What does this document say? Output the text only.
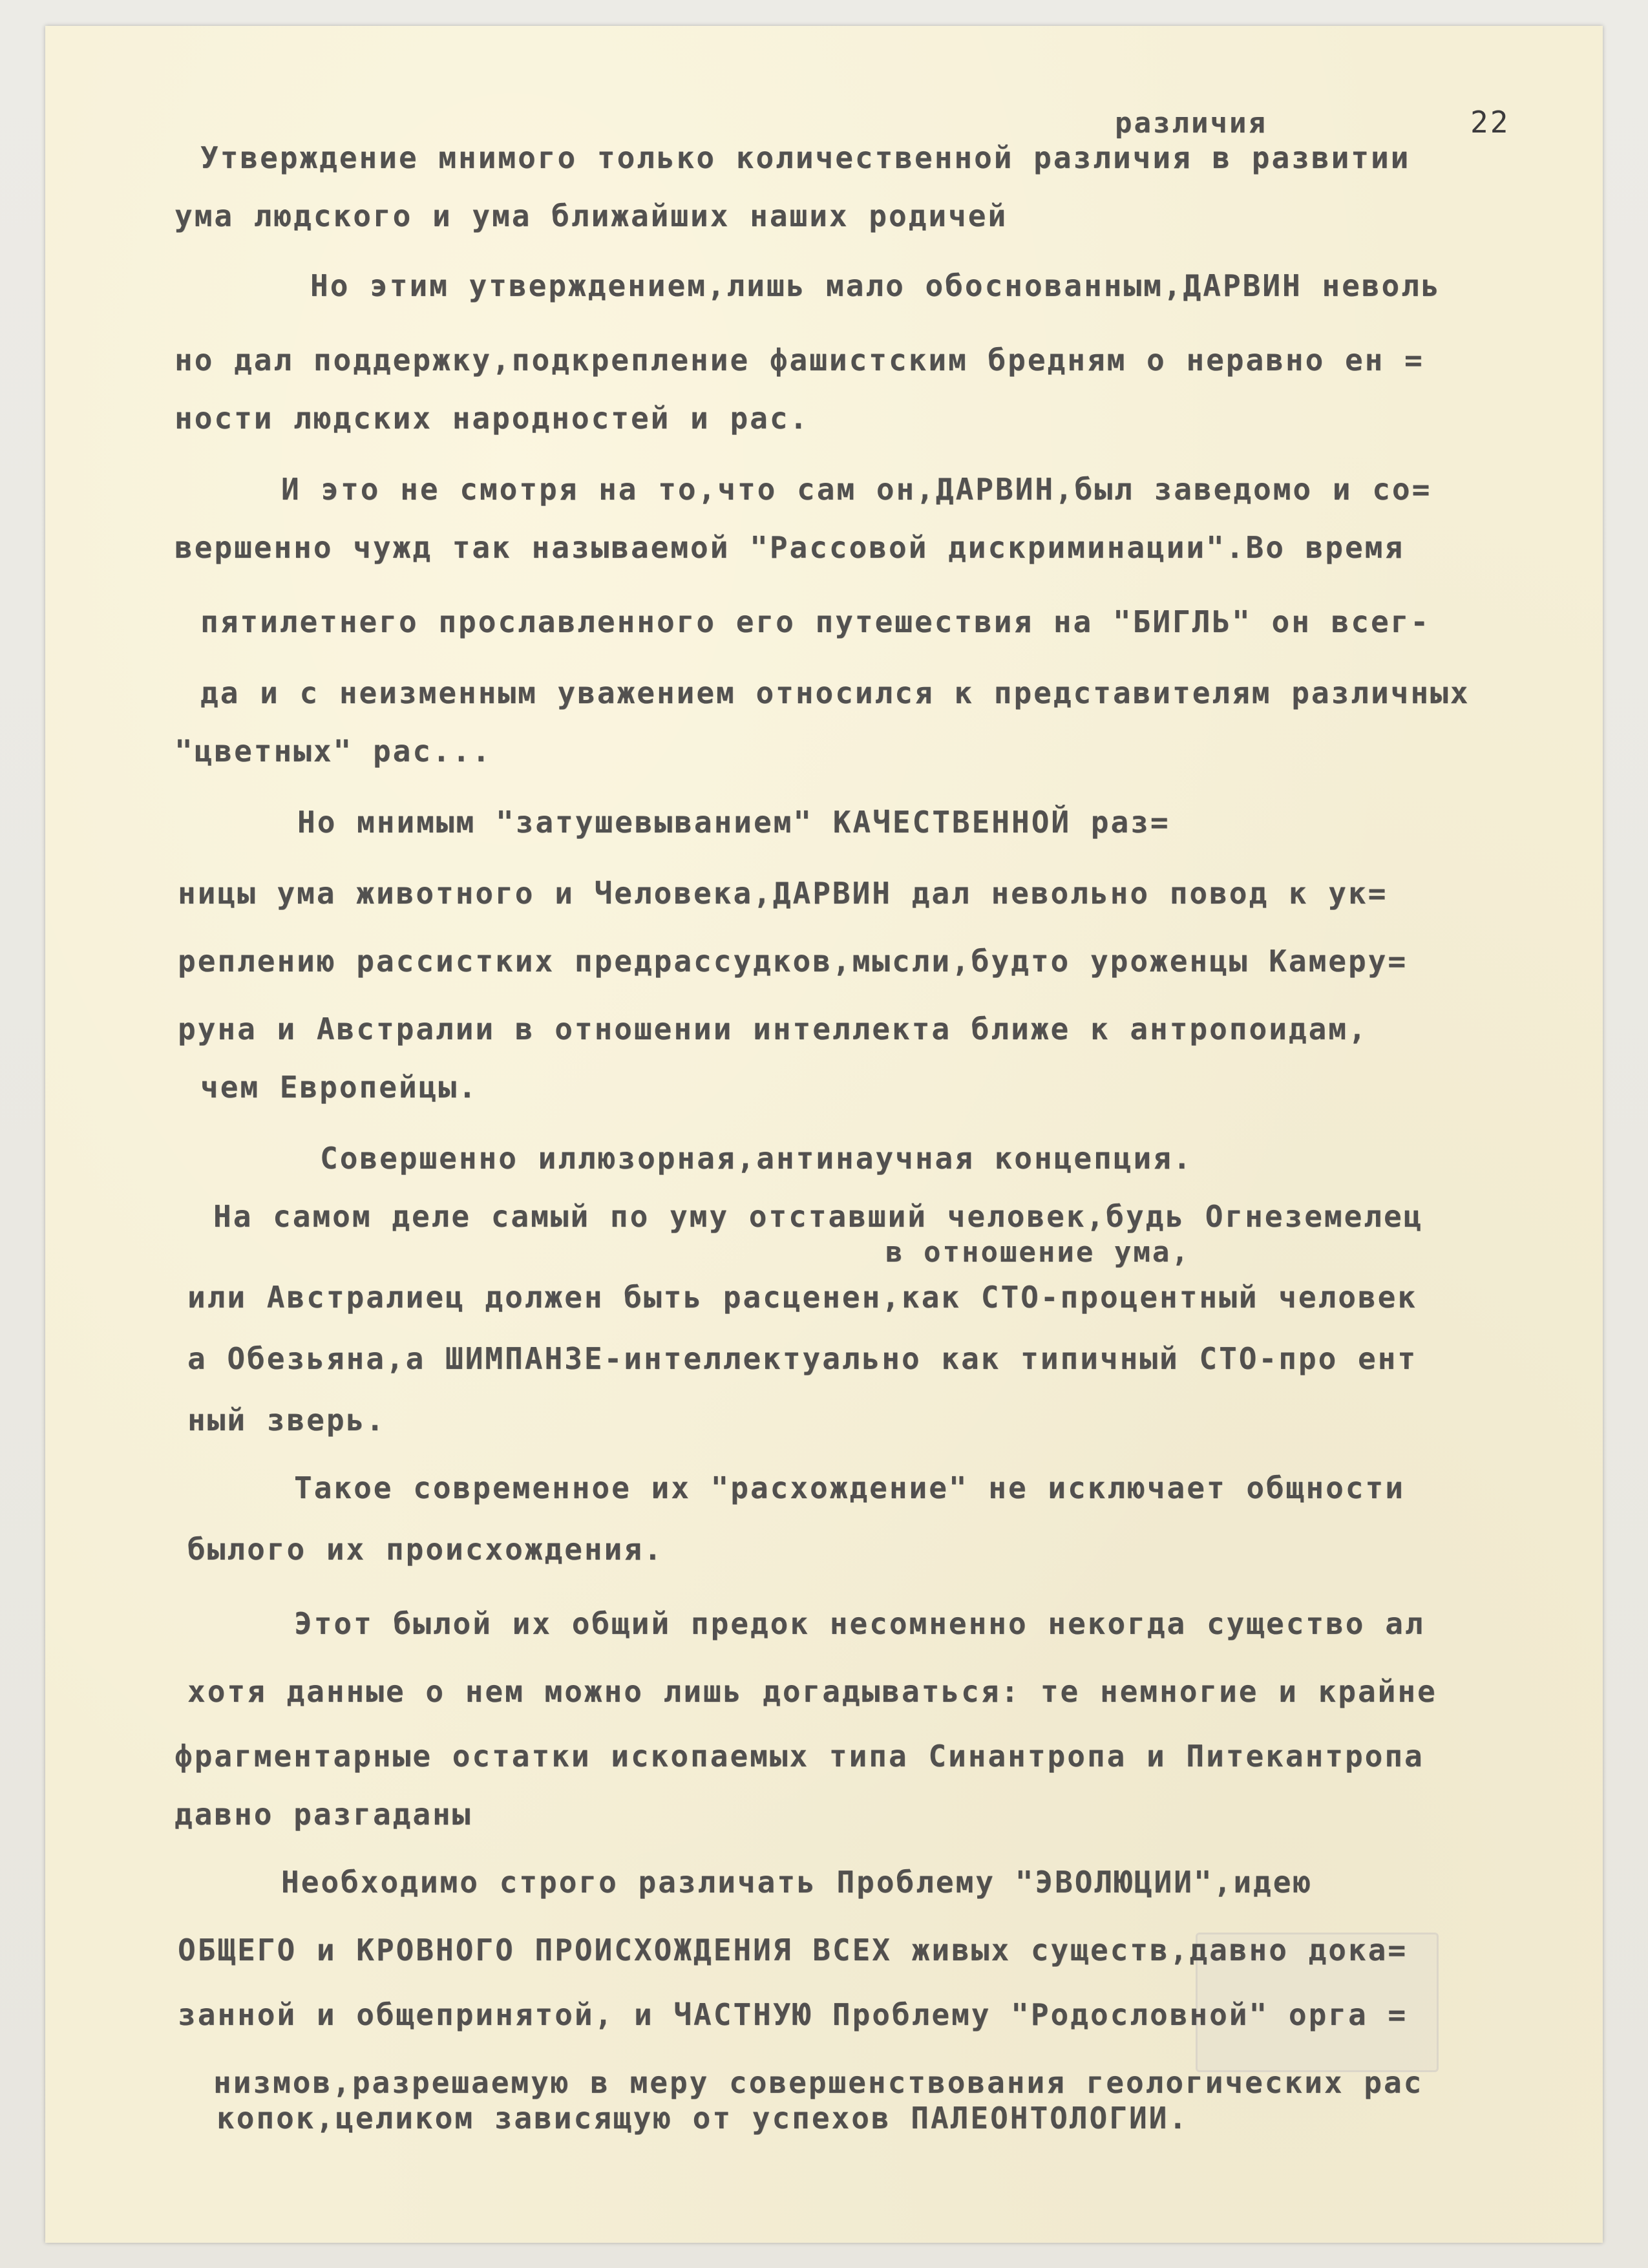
22
различия
Утверждение мнимого только количественной различия в развитии
ума людского и ума ближайших наших родичей
Но этим утверждением,лишь мало обоснованным,ДАРВИН неволь
но дал поддержку,подкрепление фашистским бредням о неравно ен =
ности людских народностей и рас.
И это не смотря на то,что сам он,ДАРВИН,был заведомо и со=
вершенно чужд так называемой "Рассовой дискриминации".Во время
пятилетнего прославленного его путешествия на "БИГЛЬ" он всег-
да и с неизменным уважением относился к представителям различных
"цветных" рас...
Но мнимым "затушевыванием" КАЧЕСТВЕННОЙ раз=
ницы ума животного и Человека,ДАРВИН дал невольно повод к ук=
реплению рассистких предрассудков,мысли,будто уроженцы Камеру=
руна и Австралии в отношении интеллекта ближе к антропоидам,
чем Европейцы.
Совершенно иллюзорная,антинаучная концепция.
На самом деле самый по уму отставший человек,будь Огнеземелец
в отношение ума,
или Австралиец должен быть расценен,как СТО-процентный человек
а Обезьяна,а ШИМПАНЗЕ-интеллектуально как типичный СТО-про ент
ный зверь.
Такое современное их "расхождение" не исключает общности
былого их происхождения.
Этот былой их общий предок несомненно некогда существо ал
хотя данные о нем можно лишь догадываться: те немногие и крайне
фрагментарные остатки ископаемых типа Синантропа и Питекантропа
давно разгаданы
Необходимо строго различать Проблему "ЭВОЛЮЦИИ",идею
ОБЩЕГО и КРОВНОГО ПРОИСХОЖДЕНИЯ ВСЕХ живых существ,давно дока=
занной и общепринятой, и ЧАСТНУЮ Проблему "Родословной" орга =
низмов,разрешаемую в меру совершенствования геологических рас
копок,целиком зависящую от успехов ПАЛЕОНТОЛОГИИ.
